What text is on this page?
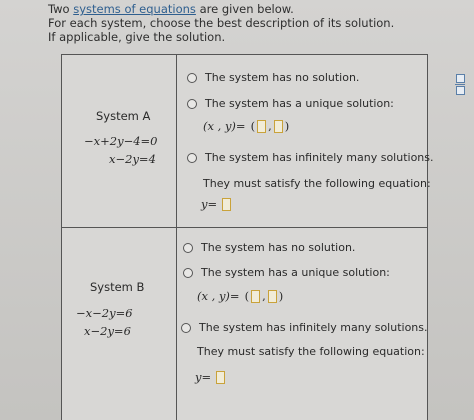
Two systems of equations are given below.
For each system, choose the best description of its solution.
If applicable, give the solution.
System A
−x+2y−4=0
x−2y=4
The system has no solution.
The system has a unique solution:
(x , y)= ( , )
The system has infinitely many solutions.
They must satisfy the following equation:
y=
System B
−x−2y=6
x−2y=6
The system has no solution.
The system has a unique solution:
(x , y)= ( , )
The system has infinitely many solutions.
They must satisfy the following equation:
y=
